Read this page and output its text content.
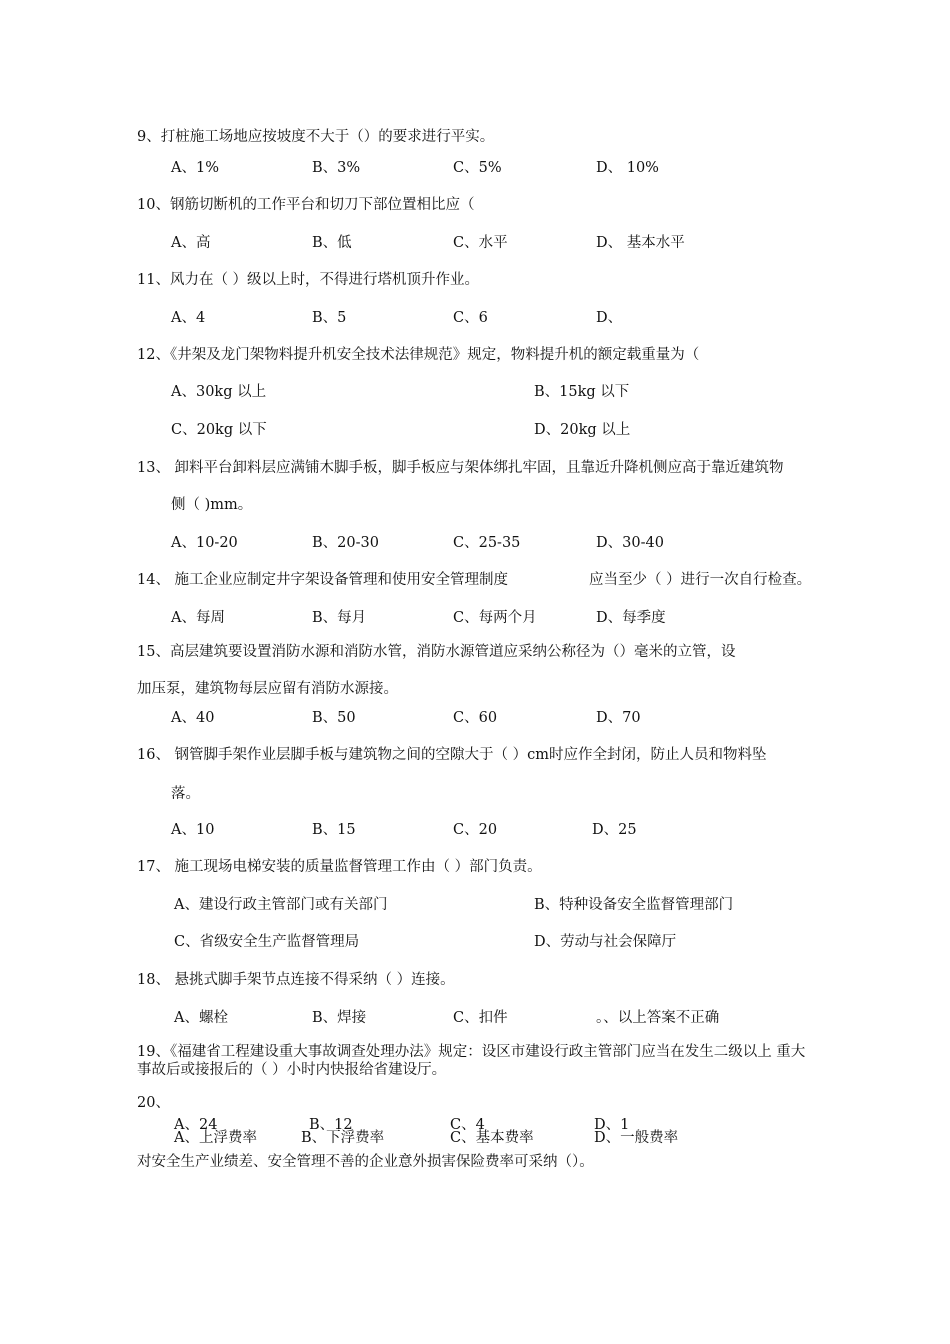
9、打桩施工场地应按坡度不大于（）的要求进行平实。
A、1%	B、3%	C、5%	D、 10%
10、钢筋切断机的工作平台和切刀下部位置相比应（
A、高	B、低	C、水平	D、 基本水平
11、风力在（ ）级以上时，不得进行塔机顶升作业。
A、4	B、5	C、6	D、
12、《井架及龙门架物料提升机安全技术法律规范》规定，物料提升机的额定载重量为（
A、30kg 以上	B、15kg 以下
C、20kg 以下	D、20kg 以上
13、 卸料平台卸料层应满铺木脚手板，脚手板应与架体绑扎牢固，且靠近升降机侧应高于靠近建筑物
侧（ )mm。
A、10-20	B、20-30	C、25-35	D、30-40
14、 施工企业应制定井字架设备管理和使用安全管理制度	应当至少（ ）进行一次自行检查。
A、每周	B、每月	C、每两个月	D、每季度
15、高层建筑要设置消防水源和消防水管，消防水源管道应采纳公称径为（）毫米的立管，设
加压泵，建筑物每层应留有消防水源接。
A、40	B、50	C、60	D、70
16、 钢管脚手架作业层脚手板与建筑物之间的空隙大于（ ）cm时应作全封闭，防止人员和物料坠
落。
A、10	B、15	C、20	D、25
17、 施工现场电梯安装的质量监督管理工作由（ ）部门负责。
A、建设行政主管部门或有关部门	B、特种设备安全监督管理部门
C、省级安全生产监督管理局	D、劳动与社会保障厅
18、 悬挑式脚手架节点连接不得采纳（ ）连接。
A、螺栓	B、焊接	C、扣件	。、以上答案不正确
19、《福建省工程建设重大事故调查处理办法》规定：设区市建设行政主管部门应当在发生二级以上 重大
事故后或接报后的（ ）小时内快报给省建设厅。
A、24	B、12	C、4	D、1
20、
A、上浮费率	B、下浮费率	C、基本费率	D、一般费率
对安全生产业绩差、安全管理不善的企业意外损害保险费率可采纳（）。
